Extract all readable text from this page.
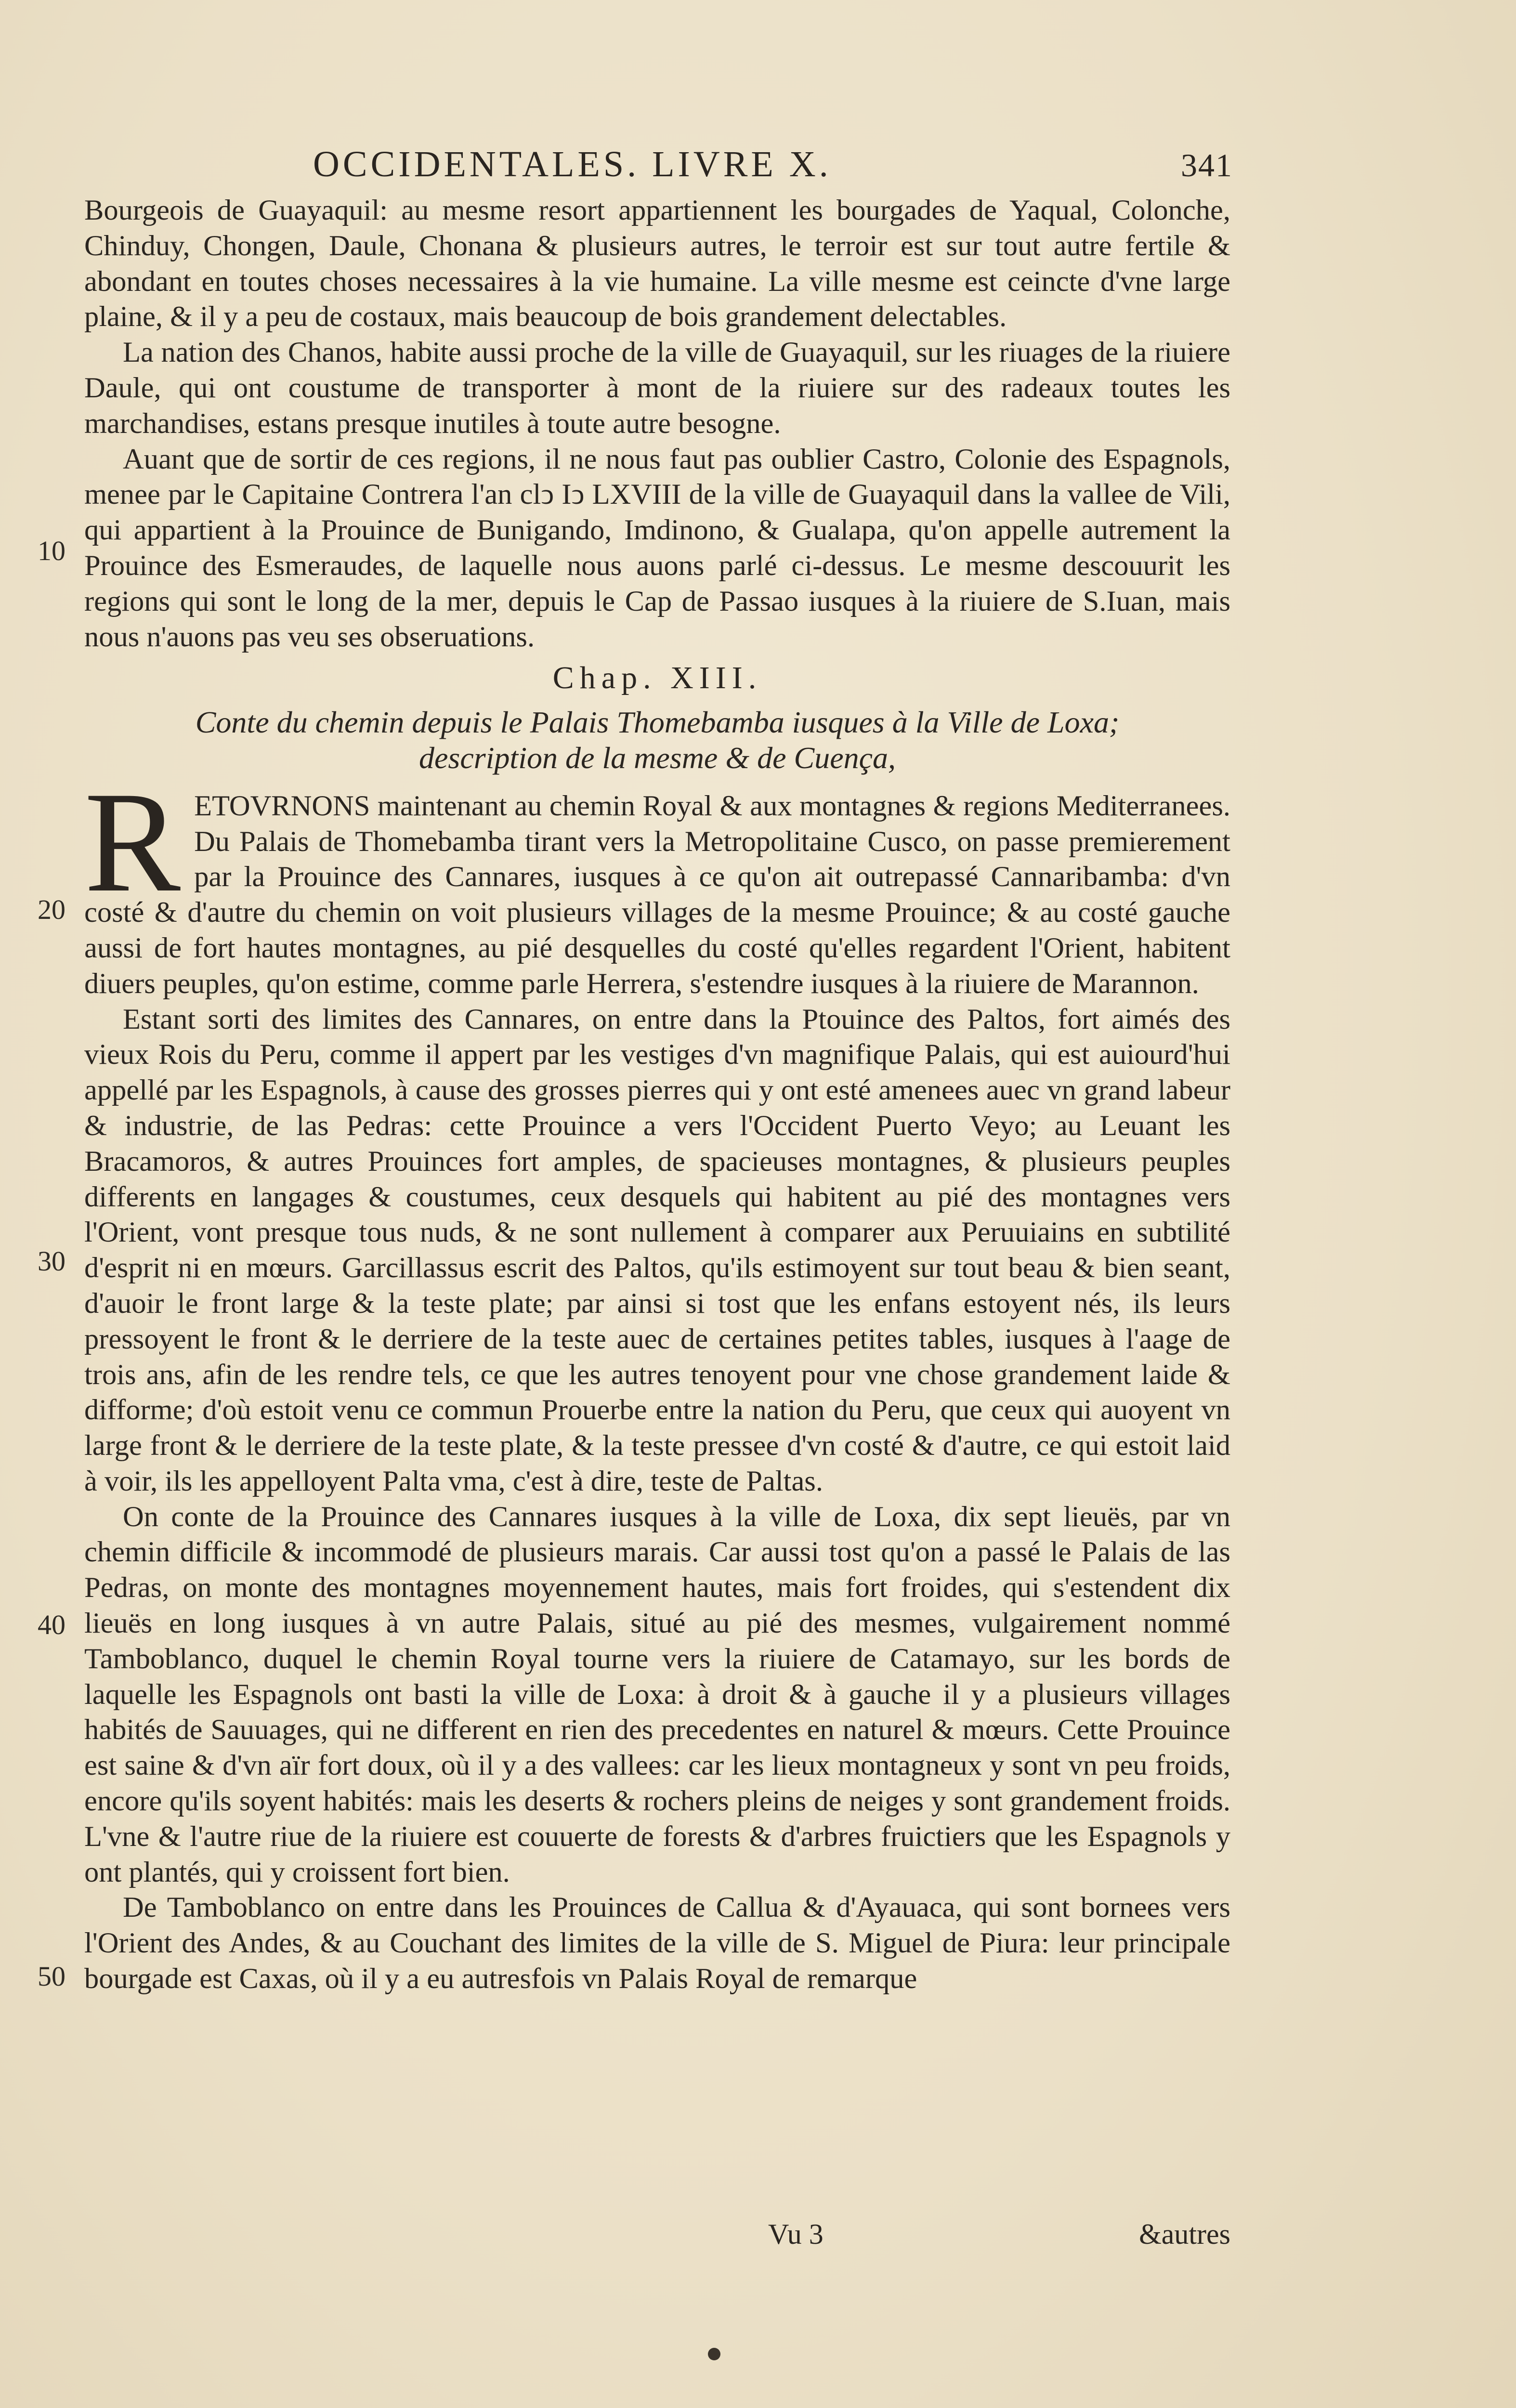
OCCIDENTALES. LIVRE X.	341
10
20
30
40
50

Bourgeois de Guayaquil: au mesme resort appartiennent les bourgades de Yaqual, Colonche, Chinduy, Chongen, Daule, Chonana & plusieurs autres, le terroir est sur tout autre fertile & abondant en toutes choses necessaires à la vie humaine. La ville mesme est ceincte d'vne large plaine, & il y a peu de costaux, mais beaucoup de bois grandement delectables.

La nation des Chanos, habite aussi proche de la ville de Guayaquil, sur les riuages de la riuiere Daule, qui ont coustume de transporter à mont de la riuiere sur des radeaux toutes les marchandises, estans presque inutiles à toute autre besogne.

Auant que de sortir de ces regions, il ne nous faut pas oublier Castro, Colonie des Espagnols, menee par le Capitaine Contrera l'an clↄ Iↄ LXVIII de la ville de Guayaquil dans la vallee de Vili, qui appartient à la Prouince de Bunigando, Imdinono, & Gualapa, qu'on appelle autrement la Prouince des Esmeraudes, de laquelle nous auons parlé ci-dessus. Le mesme descouurit les regions qui sont le long de la mer, depuis le Cap de Passao iusques à la riuiere de S.Iuan, mais nous n'auons pas veu ses obseruations.

Chap. XIII.

Conte du chemin depuis le Palais Thomebamba iusques à la Ville de Loxa;

description de la mesme & de Cuença,

R ETOVRNONS maintenant au chemin Royal & aux montagnes & regions Mediterranees. Du Palais de Thomebamba tirant vers la Metropolitaine Cusco, on passe premierement par la Prouince des Cannares, iusques à ce qu'on ait outrepassé Cannaribamba: d'vn costé & d'autre du chemin on voit plusieurs villages de la mesme Prouince; & au costé gauche aussi de fort hautes montagnes, au pié desquelles du costé qu'elles regardent l'Orient, habitent diuers peuples, qu'on estime, comme parle Herrera, s'estendre iusques à la riuiere de Marannon.

Estant sorti des limites des Cannares, on entre dans la Ptouince des Paltos, fort aimés des vieux Rois du Peru, comme il appert par les vestiges d'vn magnifique Palais, qui est auiourd'hui appellé par les Espagnols, à cause des grosses pierres qui y ont esté amenees auec vn grand labeur & industrie, de las Pedras: cette Prouince a vers l'Occident Puerto Veyo; au Leuant les Bracamoros, & autres Prouinces fort amples, de spacieuses montagnes, & plusieurs peuples differents en langages & coustumes, ceux desquels qui habitent au pié des montagnes vers l'Orient, vont presque tous nuds, & ne sont nullement à comparer aux Peruuiains en subtilité d'esprit ni en mœurs. Garcillassus escrit des Paltos, qu'ils estimoyent sur tout beau & bien seant, d'auoir le front large & la teste plate; par ainsi si tost que les enfans estoyent nés, ils leurs pressoyent le front & le derriere de la teste auec de certaines petites tables, iusques à l'aage de trois ans, afin de les rendre tels, ce que les autres tenoyent pour vne chose grandement laide & difforme; d'où estoit venu ce commun Prouerbe entre la nation du Peru, que ceux qui auoyent vn large front & le derriere de la teste plate, & la teste pressee d'vn costé & d'autre, ce qui estoit laid à voir, ils les appelloyent Palta vma, c'est à dire, teste de Paltas.

On conte de la Prouince des Cannares iusques à la ville de Loxa, dix sept lieuës, par vn chemin difficile & incommodé de plusieurs marais. Car aussi tost qu'on a passé le Palais de las Pedras, on monte des montagnes moyennement hautes, mais fort froides, qui s'estendent dix lieuës en long iusques à vn autre Palais, situé au pié des mesmes, vulgairement nommé Tamboblanco, duquel le chemin Royal tourne vers la riuiere de Catamayo, sur les bords de laquelle les Espagnols ont basti la ville de Loxa: à droit & à gauche il y a plusieurs villages habités de Sauuages, qui ne different en rien des precedentes en naturel & mœurs. Cette Prouince est saine & d'vn aïr fort doux, où il y a des vallees: car les lieux montagneux y sont vn peu froids, encore qu'ils soyent habités: mais les deserts & rochers pleins de neiges y sont grandement froids. L'vne & l'autre riue de la riuiere est couuerte de forests & d'arbres fruictiers que les Espagnols y ont plantés, qui y croissent fort bien.

De Tamboblanco on entre dans les Prouinces de Callua & d'Ayauaca, qui sont bornees vers l'Orient des Andes, & au Couchant des limites de la ville de S. Miguel de Piura: leur principale bourgade est Caxas, où il y a eu autresfois vn Palais Royal de remarque

Vu 3	&autres
